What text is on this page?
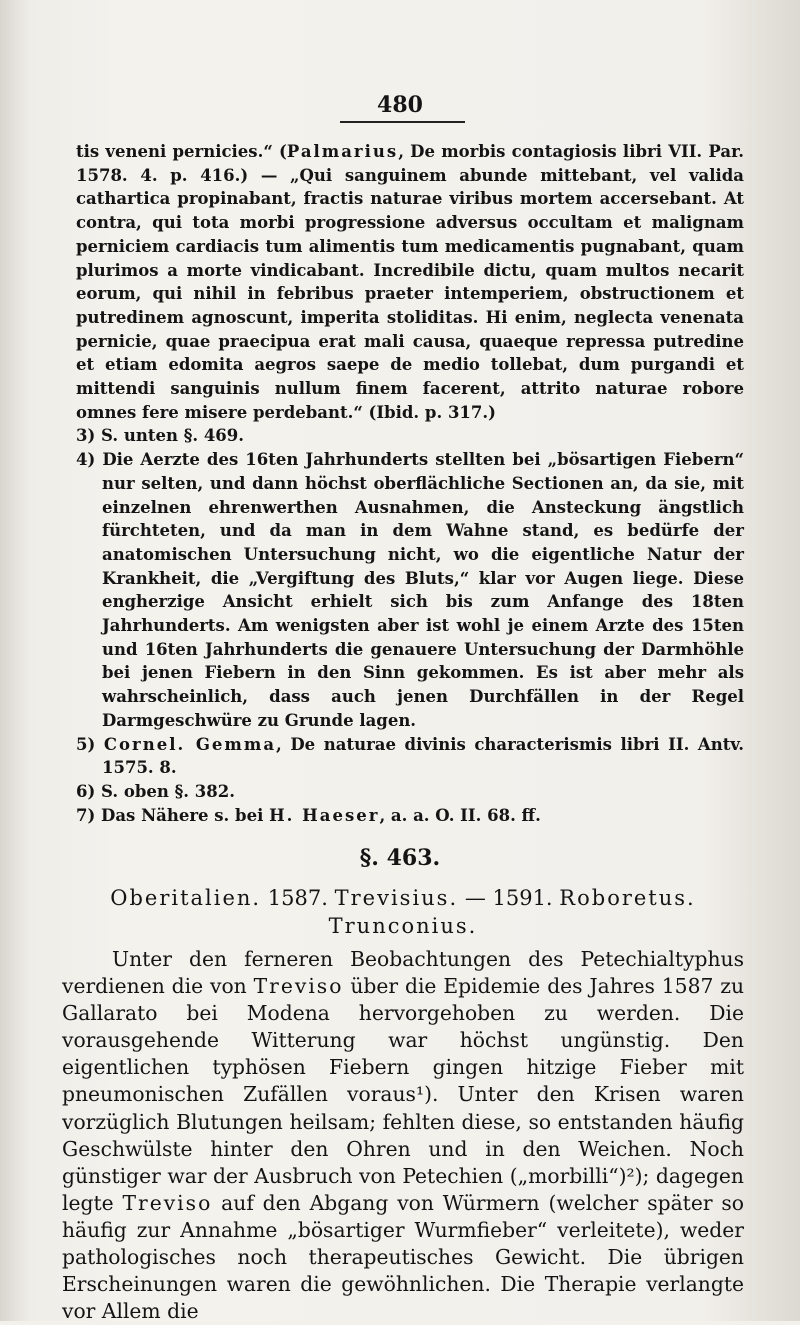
480

tis veneni pernicies.“ (Palmarius, De morbis contagiosis libri VII. Par. 1578. 4. p. 416.) — „Qui sanguinem abunde mittebant, vel valida cathartica propinabant, fractis naturae viribus mortem accersebant. At contra, qui tota morbi progressione adversus occultam et malignam perniciem cardiacis tum alimentis tum medicamentis pugnabant, quam plurimos a morte vindicabant. Incredibile dictu, quam multos necarit eorum, qui nihil in febribus praeter intemperiem, obstructionem et putredinem agnoscunt, imperita stoliditas. Hi enim, neglecta venenata pernicie, quae praecipua erat mali causa, quaeque repressa putredine et etiam edomita aegros saepe de medio tollebat, dum purgandi et mittendi sanguinis nullum finem facerent, attrito naturae robore omnes fere misere perdebant.“ (Ibid. p. 317.)

3) S. unten §. 469.

4) Die Aerzte des 16ten Jahrhunderts stellten bei „bösartigen Fiebern“ nur selten, und dann höchst oberflächliche Sectionen an, da sie, mit einzelnen ehrenwerthen Ausnahmen, die Ansteckung ängstlich fürchteten, und da man in dem Wahne stand, es bedürfe der anatomischen Untersuchung nicht, wo die eigentliche Natur der Krankheit, die „Vergiftung des Bluts,“ klar vor Augen liege. Diese engherzige Ansicht erhielt sich bis zum Anfange des 18ten Jahrhunderts. Am wenigsten aber ist wohl je einem Arzte des 15ten und 16ten Jahrhunderts die genauere Untersuchung der Darmhöhle bei jenen Fiebern in den Sinn gekommen. Es ist aber mehr als wahrscheinlich, dass auch jenen Durchfällen in der Regel Darmgeschwüre zu Grunde lagen.

5) Cornel. Gemma, De naturae divinis characterismis libri II. Antv. 1575. 8.

6) S. oben §. 382.

7) Das Nähere s. bei H. Haeser, a. a. O. II. 68. ff.

§. 463.
Oberitalien. 1587. Trevisius. — 1591. Roboretus.
Trunconius.

Unter den ferneren Beobachtungen des Petechialtyphus verdienen die von Treviso über die Epidemie des Jahres 1587 zu Gallarato bei Modena hervorgehoben zu werden. Die vorausgehende Witterung war höchst ungünstig. Den eigentlichen typhösen Fiebern gingen hitzige Fieber mit pneumonischen Zufällen voraus¹). Unter den Krisen waren vorzüglich Blutungen heilsam; fehlten diese, so entstanden häufig Geschwülste hinter den Ohren und in den Weichen. Noch günstiger war der Ausbruch von Petechien („morbilli“)²); dagegen legte Treviso auf den Abgang von Würmern (welcher später so häufig zur Annahme „bösartiger Wurmfieber“ verleitete), weder pathologisches noch therapeutisches Gewicht. Die übrigen Erscheinungen waren die gewöhnlichen. Die Therapie verlangte vor Allem die
